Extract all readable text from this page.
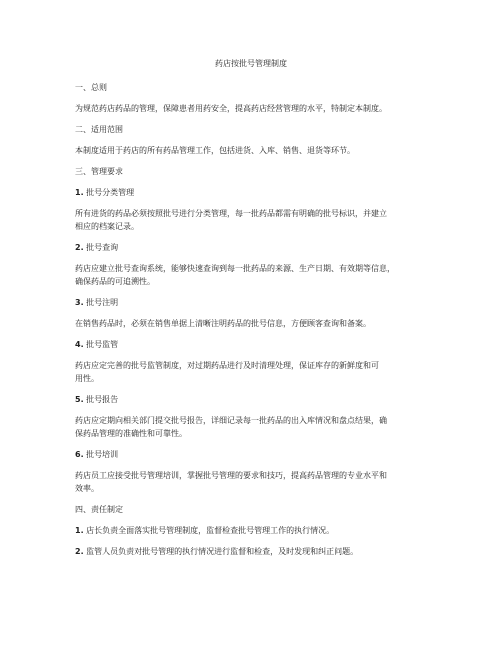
药店按批号管理制度
一、总则
为规范药店药品的管理，保障患者用药安全，提高药店经营管理的水平，特制定本制度。
二、适用范围
本制度适用于药店的所有药品管理工作，包括进货、入库、销售、退货等环节。
三、管理要求
1. 批号分类管理
所有进货的药品必须按照批号进行分类管理，每一批药品都需有明确的批号标识，并建立
相应的档案记录。
2. 批号查询
药店应建立批号查询系统，能够快速查询到每一批药品的来源、生产日期、有效期等信息，
确保药品的可追溯性。
3. 批号注明
在销售药品时，必须在销售单据上清晰注明药品的批号信息，方便顾客查询和备案。
4. 批号监管
药店应定完善的批号监管制度，对过期药品进行及时清理处理，保证库存的新鲜度和可
用性。
5. 批号报告
药店应定期向相关部门提交批号报告，详细记录每一批药品的出入库情况和盘点结果，确
保药品管理的准确性和可靠性。
6. 批号培训
药店员工应接受批号管理培训，掌握批号管理的要求和技巧，提高药品管理的专业水平和
效率。
四、责任制定
1. 店长负责全面落实批号管理制度，监督检查批号管理工作的执行情况。
2. 监管人员负责对批号管理的执行情况进行监督和检查，及时发现和纠正问题。
